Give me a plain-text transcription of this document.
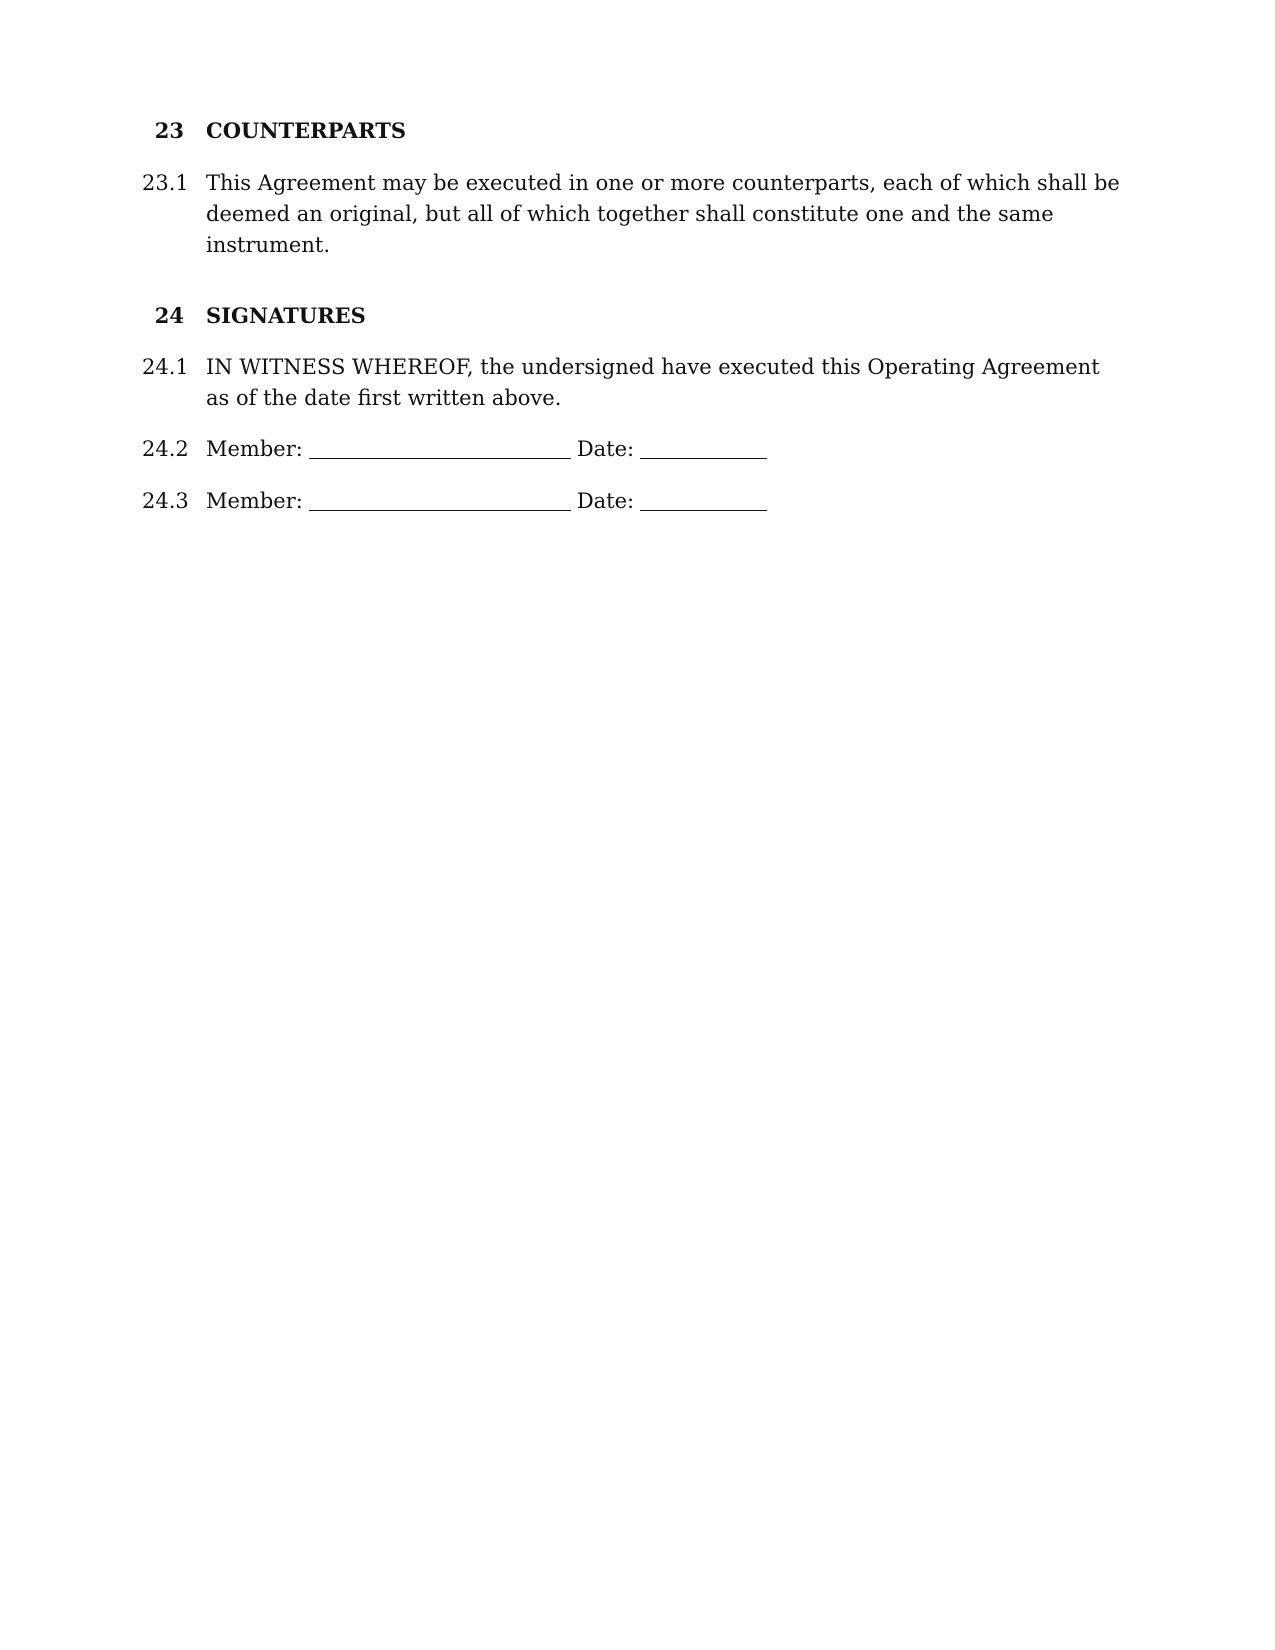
23 COUNTERPARTS
23.1 This Agreement may be executed in one or more counterparts, each of which shall be deemed an original, but all of which together shall constitute one and the same instrument.
24 SIGNATURES
24.1 IN WITNESS WHEREOF, the undersigned have executed this Operating Agreement as of the date first written above.
24.2 Member:	Date:
24.3 Member:	Date:
